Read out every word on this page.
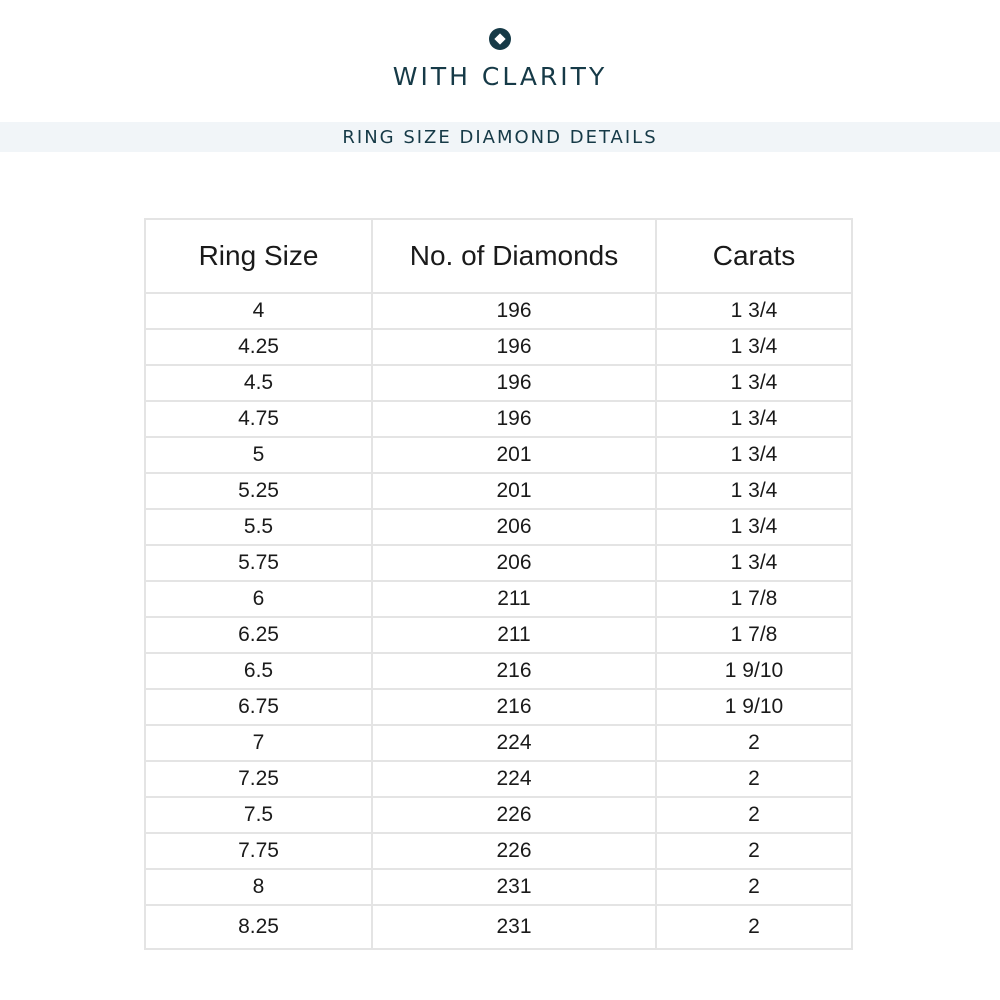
WITH CLARITY
RING SIZE DIAMOND DETAILS
Ring Size	No. of Diamonds	Carats
4	196	1 3/4
4.25	196	1 3/4
4.5	196	1 3/4
4.75	196	1 3/4
5	201	1 3/4
5.25	201	1 3/4
5.5	206	1 3/4
5.75	206	1 3/4
6	211	1 7/8
6.25	211	1 7/8
6.5	216	1 9/10
6.75	216	1 9/10
7	224	2
7.25	224	2
7.5	226	2
7.75	226	2
8	231	2
8.25	231	2
